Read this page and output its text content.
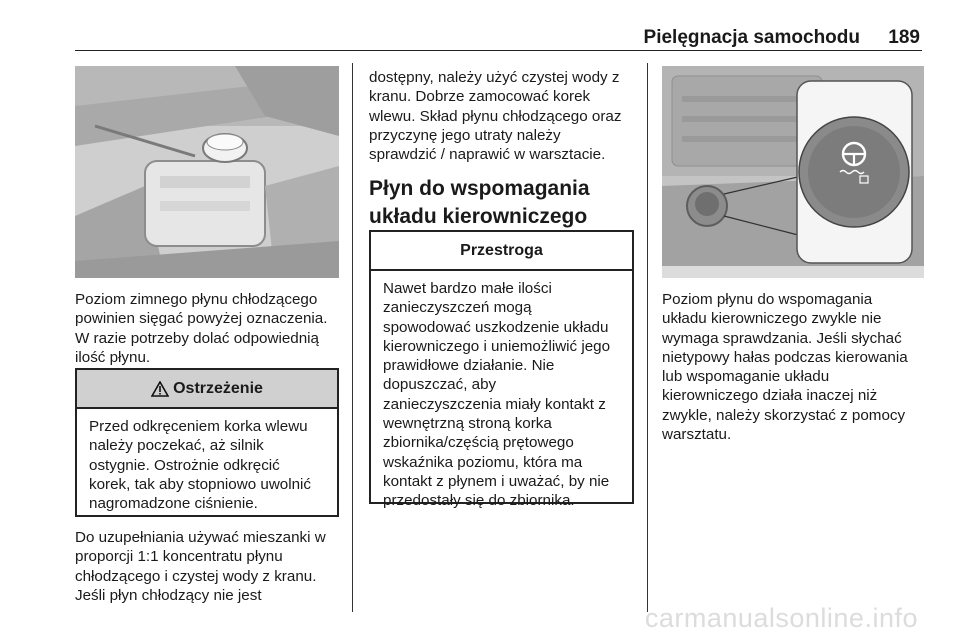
Pielęgnacja samochodu 189
Poziom zimnego płynu chłodzącego
powinien sięgać powyżej oznaczenia.
W razie potrzeby dolać odpowiednią
ilość płynu.
Ostrzeżenie
Przed odkręceniem korka wlewu
należy poczekać, aż silnik
ostygnie. Ostrożnie odkręcić
korek, tak aby stopniowo uwolnić
nagromadzone ciśnienie.
Do uzupełniania używać mieszanki w
proporcji 1:1 koncentratu płynu
chłodzącego i czystej wody z kranu.
Jeśli płyn chłodzący nie jest
dostępny, należy użyć czystej wody z
kranu. Dobrze zamocować korek
wlewu. Skład płynu chłodzącego oraz
przyczynę jego utraty należy
sprawdzić / naprawić w warsztacie.
Płyn do wspomagania
układu kierowniczego
Przestroga
Nawet bardzo małe ilości
zanieczyszczeń mogą
spowodować uszkodzenie układu
kierowniczego i uniemożliwić jego
prawidłowe działanie. Nie
dopuszczać, aby
zanieczyszczenia miały kontakt z
wewnętrzną stroną korka
zbiornika/częścią prętowego
wskaźnika poziomu, która ma
kontakt z płynem i uważać, by nie
przedostały się do zbiornika.
Poziom płynu do wspomagania
układu kierowniczego zwykle nie
wymaga sprawdzania. Jeśli słychać
nietypowy hałas podczas kierowania
lub wspomaganie układu
kierowniczego działa inaczej niż
zwykle, należy skorzystać z pomocy
warsztatu.
carmanualsonline.info
